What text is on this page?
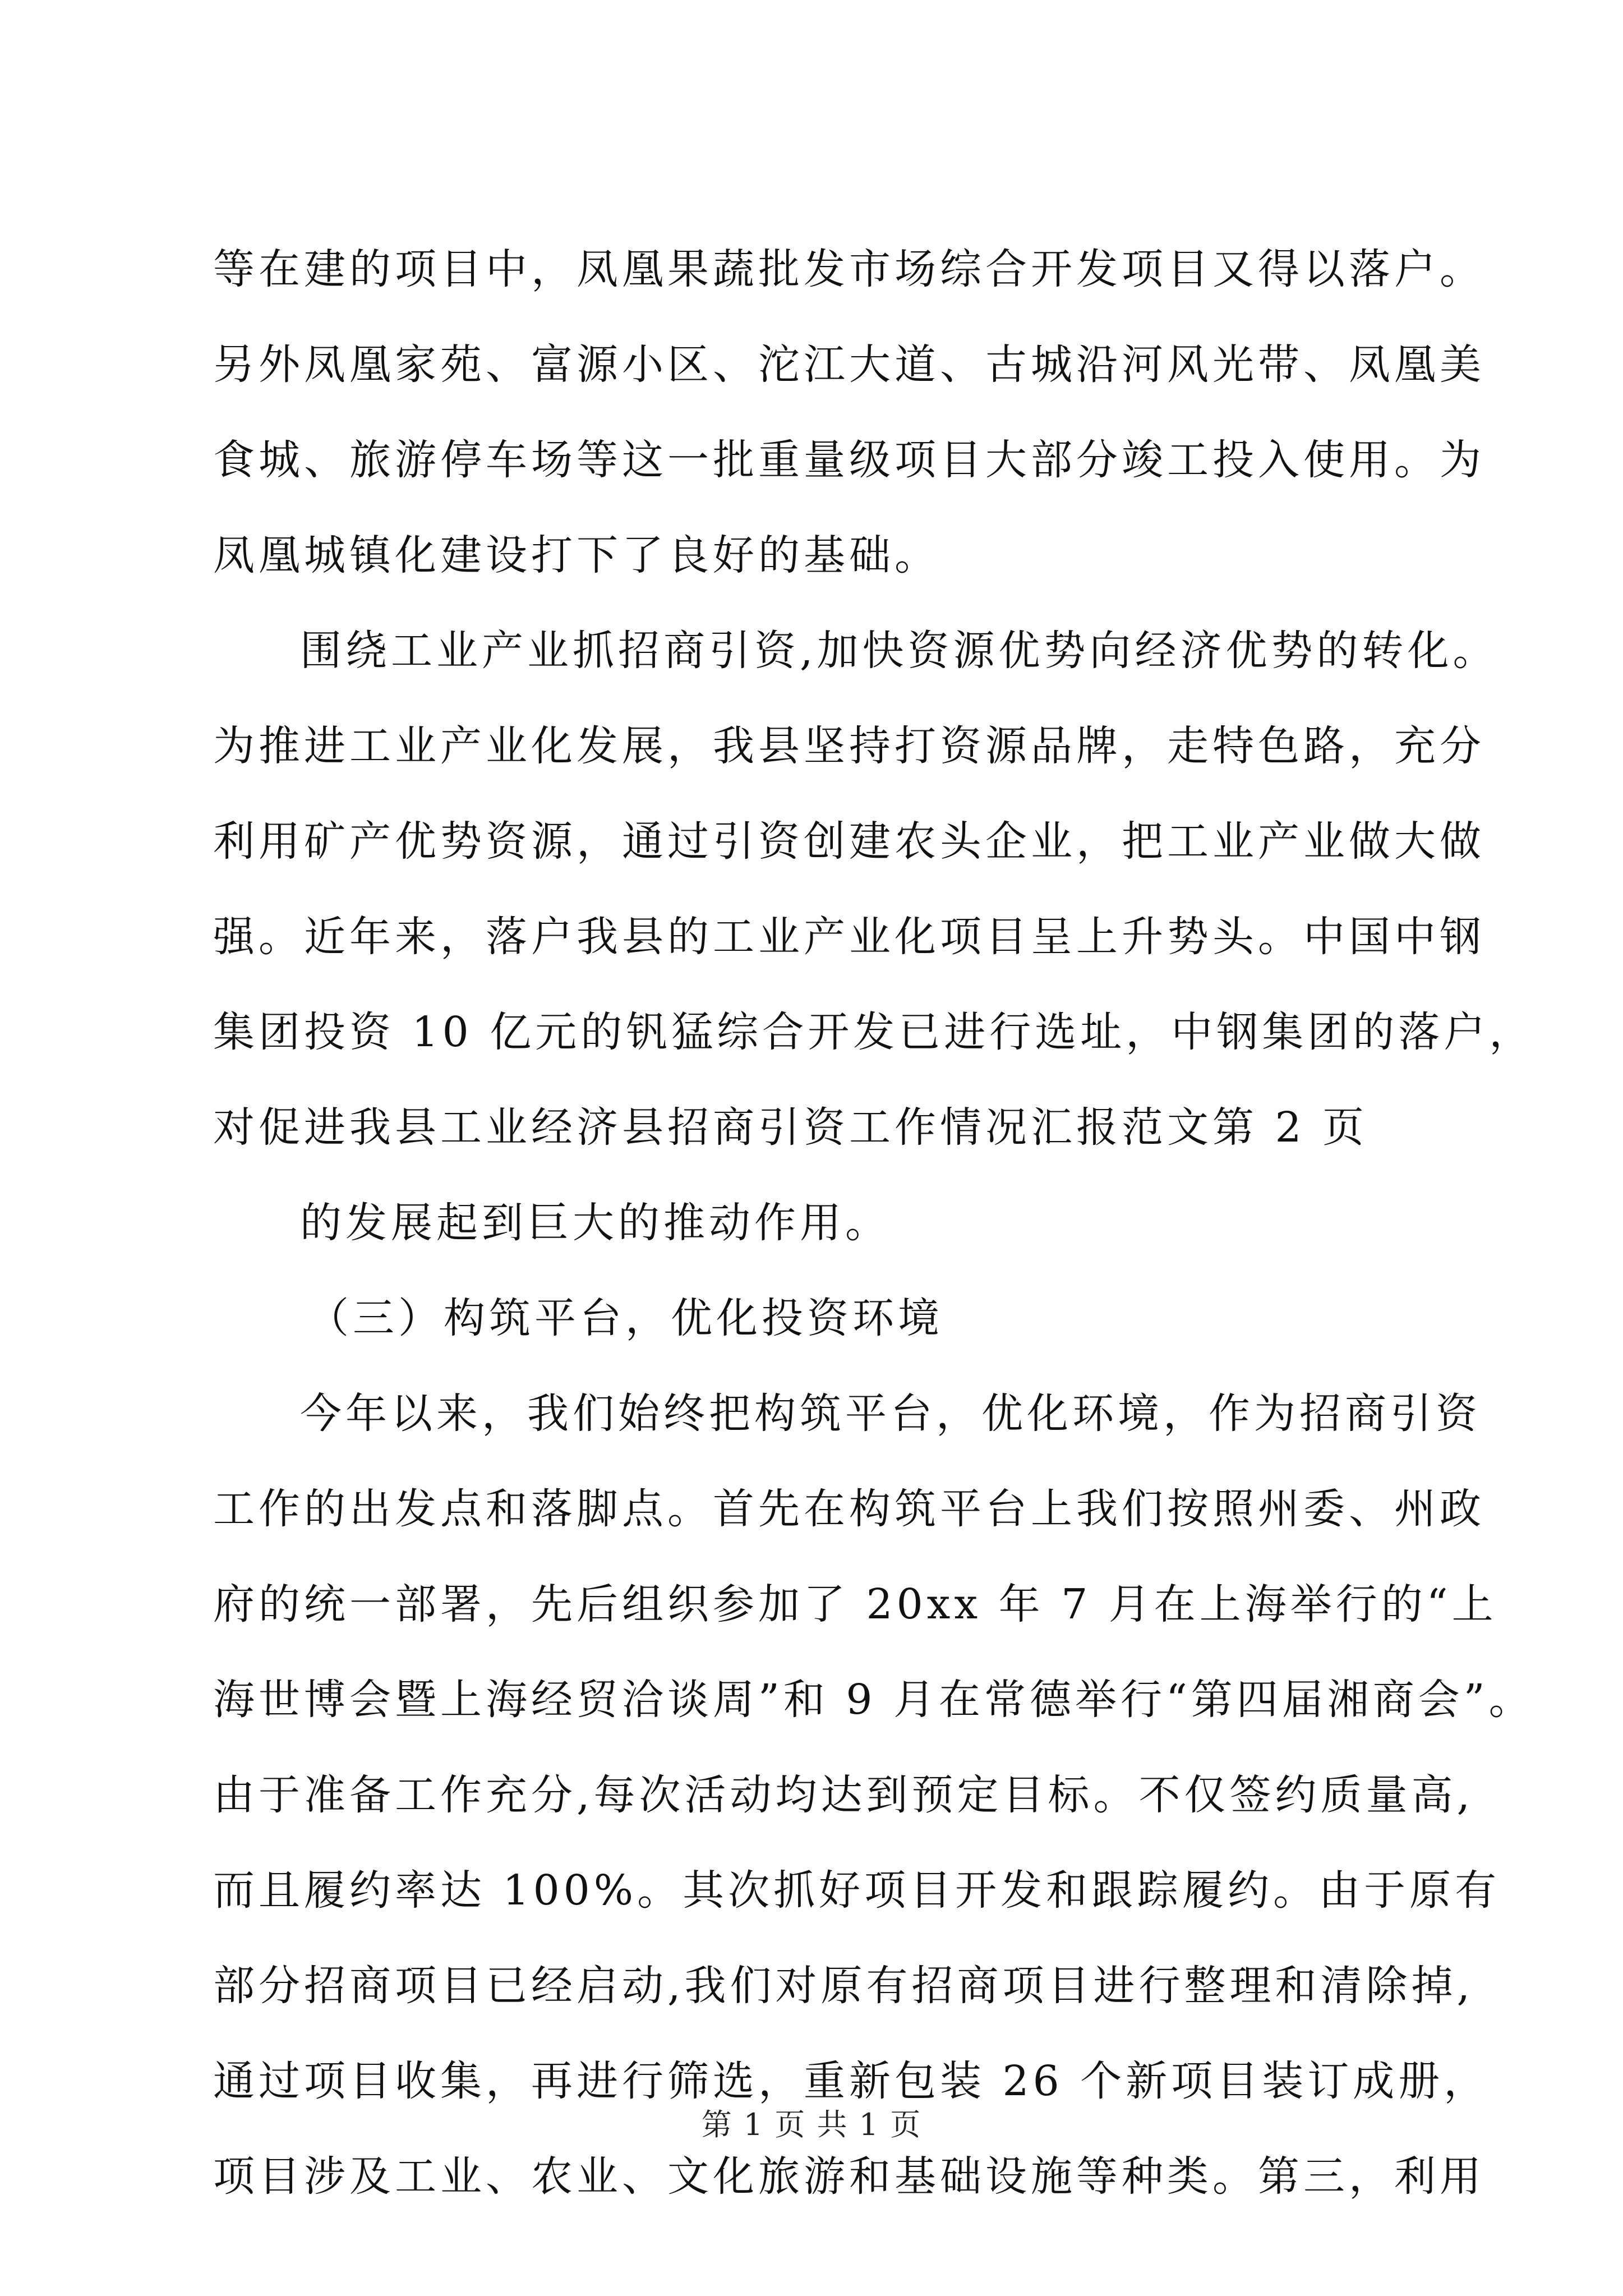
等在建的项目中，凤凰果蔬批发市场综合开发项目又得以落户。
另外凤凰家苑、富源小区、沱江大道、古城沿河风光带、凤凰美
食城、旅游停车场等这一批重量级项目大部分竣工投入使用。为
凤凰城镇化建设打下了良好的基础。
围绕工业产业抓招商引资,加快资源优势向经济优势的转化。
为推进工业产业化发展，我县坚持打资源品牌，走特色路，充分
利用矿产优势资源，通过引资创建农头企业，把工业产业做大做
强。近年来，落户我县的工业产业化项目呈上升势头。中国中钢
集团投资 10 亿元的钒猛综合开发已进行选址，中钢集团的落户，
对促进我县工业经济县招商引资工作情况汇报范文第 2 页
的发展起到巨大的推动作用。
（三）构筑平台，优化投资环境
今年以来，我们始终把构筑平台，优化环境，作为招商引资
工作的出发点和落脚点。首先在构筑平台上我们按照州委、州政
府的统一部署，先后组织参加了 20xx 年 7 月在上海举行的“上
海世博会暨上海经贸洽谈周”和 9 月在常德举行“第四届湘商会”。
由于准备工作充分,每次活动均达到预定目标。不仅签约质量高,
而且履约率达 100%。其次抓好项目开发和跟踪履约。由于原有
部分招商项目已经启动,我们对原有招商项目进行整理和清除掉,
通过项目收集，再进行筛选，重新包装 26 个新项目装订成册，
项目涉及工业、农业、文化旅游和基础设施等种类。第三，利用
第 1 页 共 1 页
